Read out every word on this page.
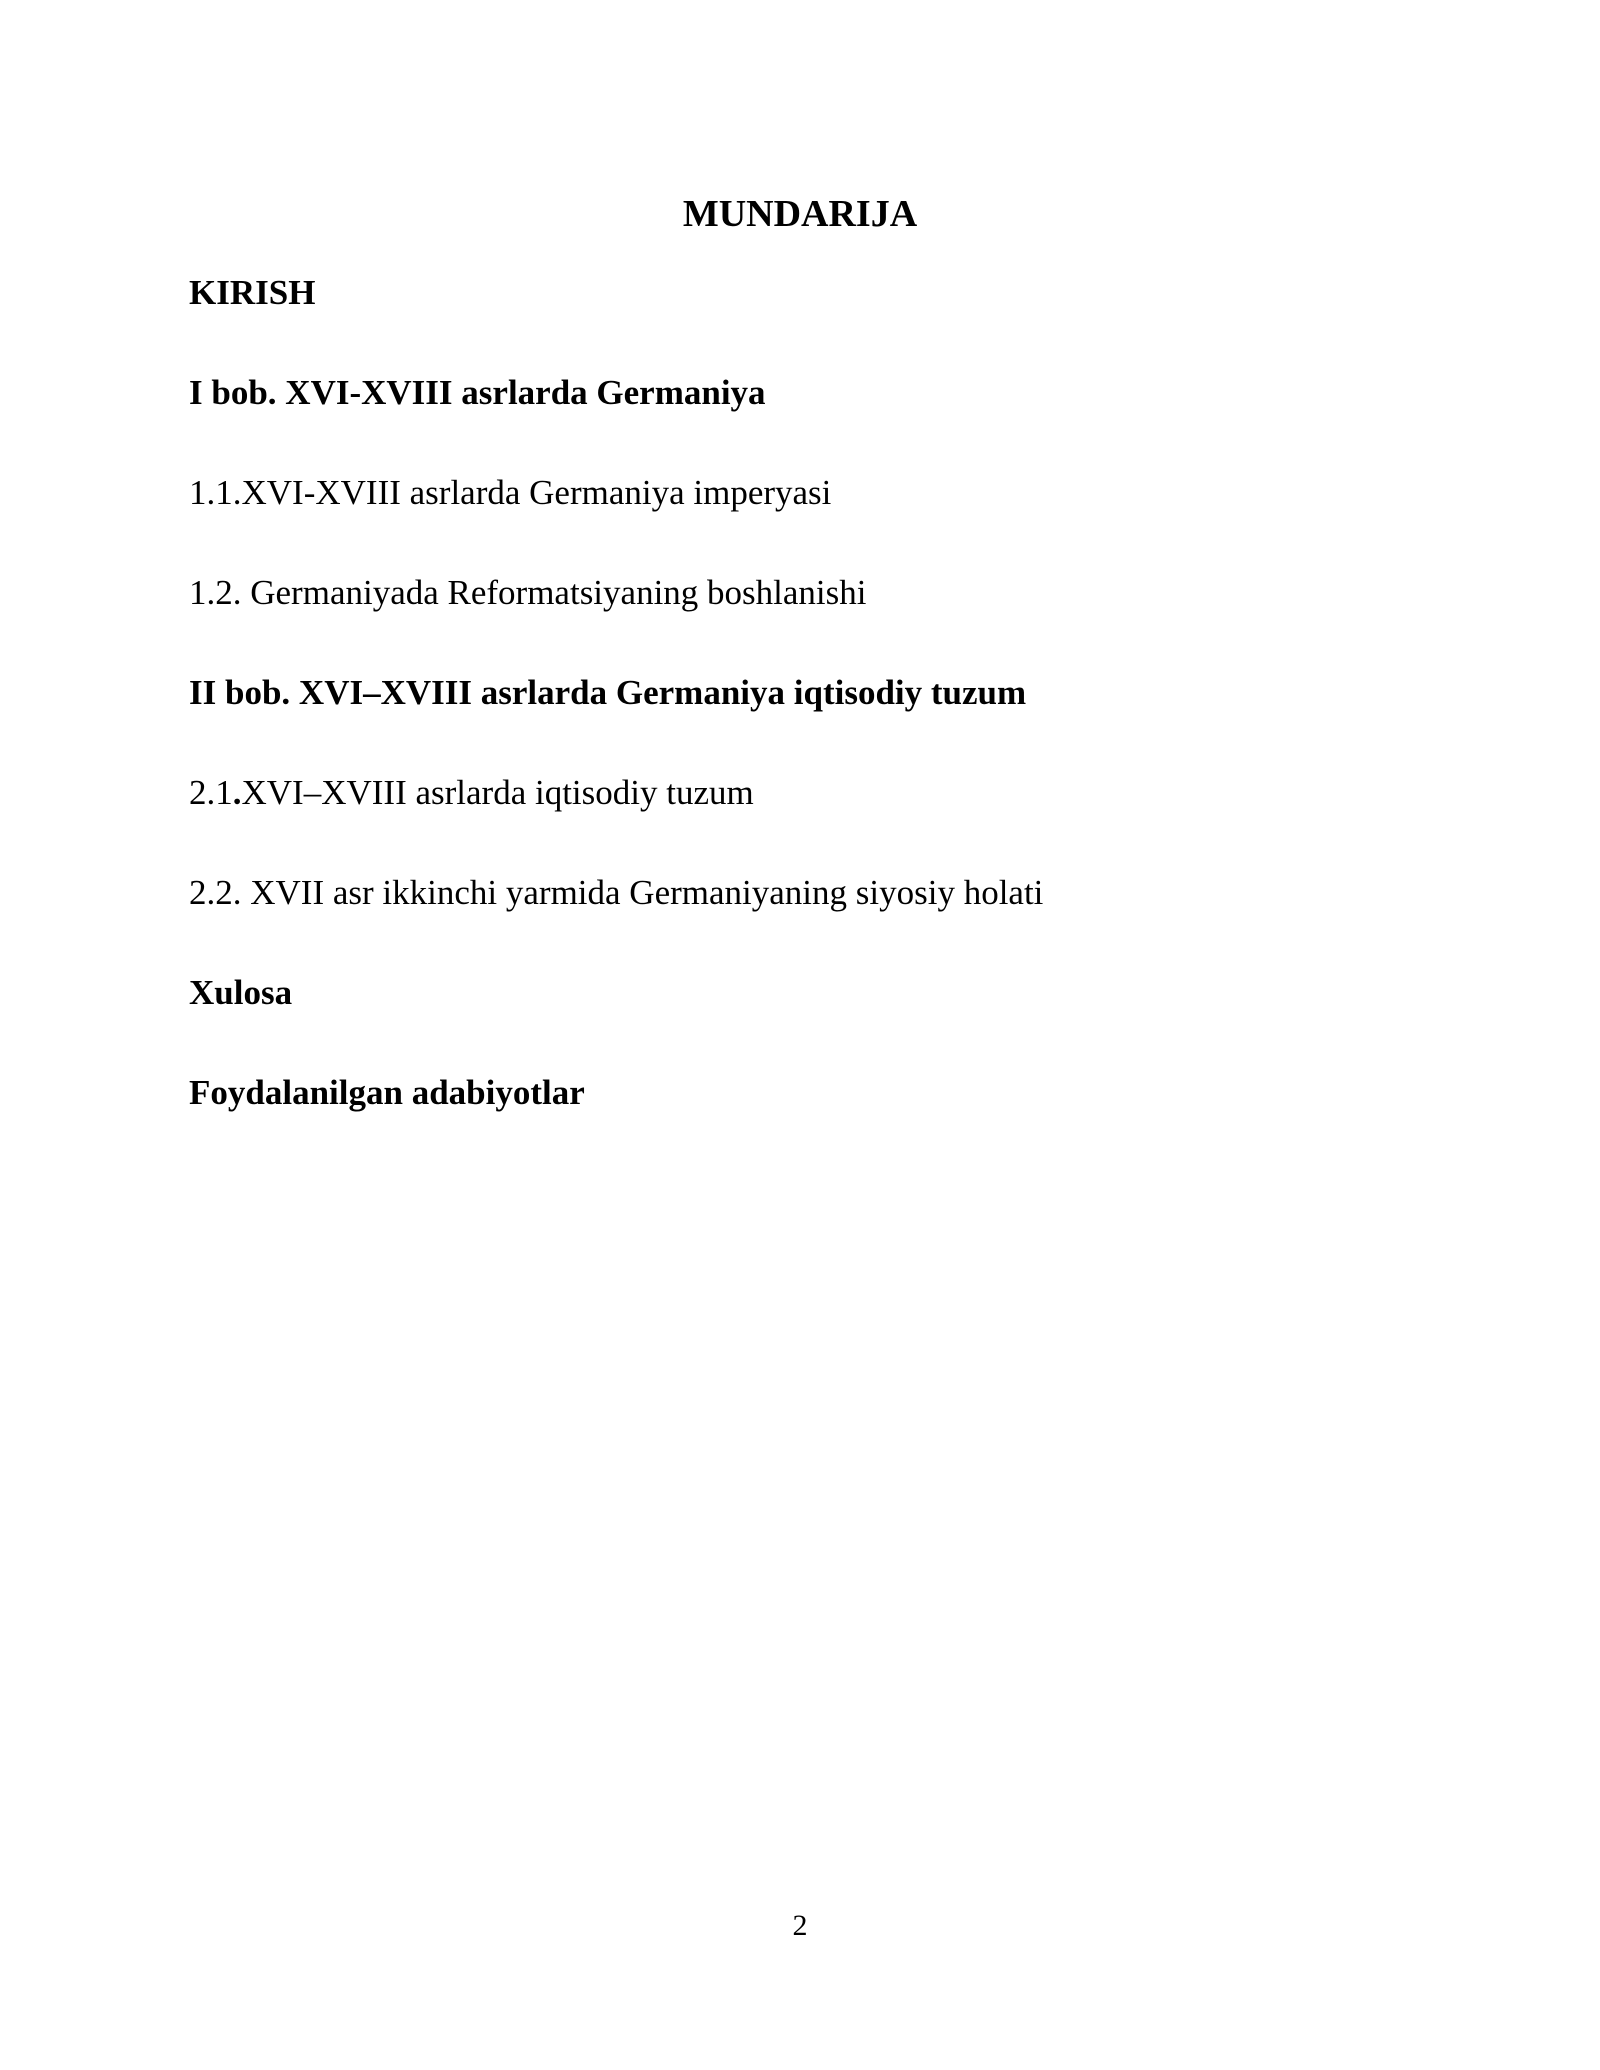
MUNDARIJA
KIRISH
I bob. XVI-XVIII asrlarda Germaniya
1.1.XVI-XVIII asrlarda Germaniya imperyasi
1.2. Germaniyada Reformatsiyaning boshlanishi
II bob. XVI–XVIII asrlarda Germaniya iqtisodiy tuzum
2.1.XVI–XVIII asrlarda iqtisodiy tuzum
2.2. XVII asr ikkinchi yarmida Germaniyaning siyosiy holati
Xulosa
Foydalanilgan adabiyotlar
2
